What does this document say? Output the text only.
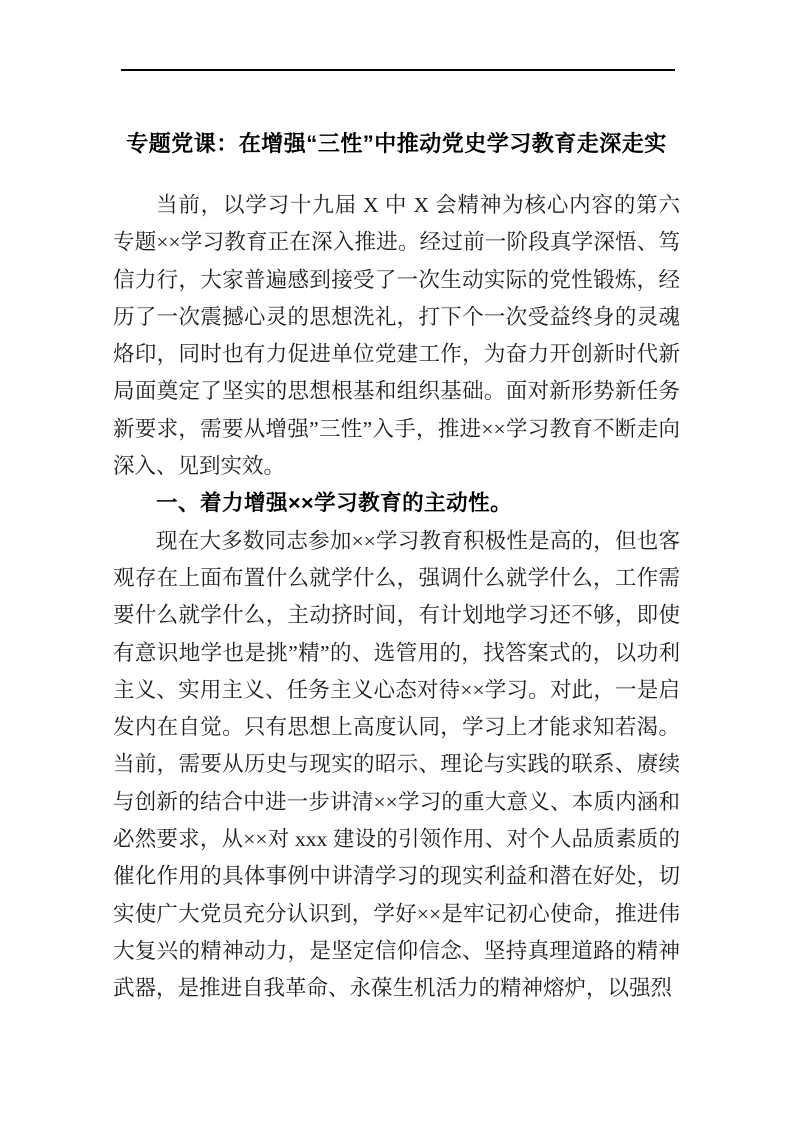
专题党课：在增强“三性”中推动党史学习教育走深走实

当前，以学习十九届 X 中 X 会精神为核心内容的第六专题××学习教育正在深入推进。经过前一阶段真学深悟、笃信力行，大家普遍感到接受了一次生动实际的党性锻炼，经历了一次震撼心灵的思想洗礼，打下个一次受益终身的灵魂烙印，同时也有力促进单位党建工作，为奋力开创新时代新局面奠定了坚实的思想根基和组织基础。面对新形势新任务新要求，需要从增强”三性”入手，推进××学习教育不断走向深入、见到实效。

一、着力增强××学习教育的主动性。

现在大多数同志参加××学习教育积极性是高的，但也客观存在上面布置什么就学什么，强调什么就学什么，工作需要什么就学什么，主动挤时间，有计划地学习还不够，即使有意识地学也是挑”精”的、选管用的，找答案式的，以功利主义、实用主义、任务主义心态对待××学习。对此，一是启发内在自觉。只有思想上高度认同，学习上才能求知若渴。当前，需要从历史与现实的昭示、理论与实践的联系、赓续与创新的结合中进一步讲清××学习的重大意义、本质内涵和必然要求，从××对 xxx 建设的引领作用、对个人品质素质的催化作用的具体事例中讲清学习的现实利益和潜在好处，切实使广大党员充分认识到，学好××是牢记初心使命，推进伟大复兴的精神动力，是坚定信仰信念、坚持真理道路的精神武器，是推进自我革命、永葆生机活力的精神熔炉，以强烈
